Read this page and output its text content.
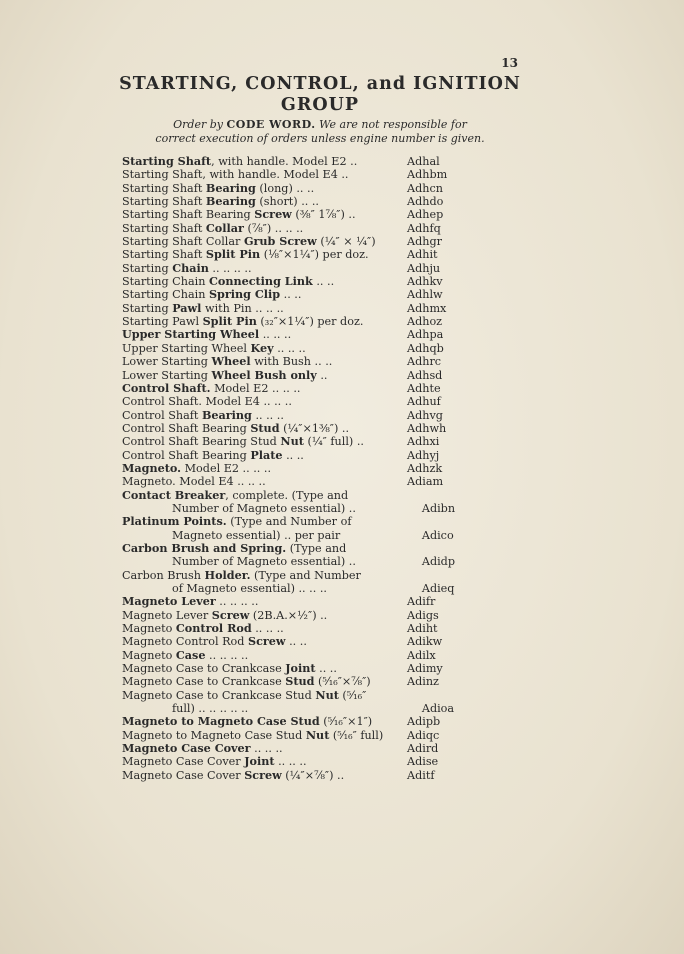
13
STARTING, CONTROL, and IGNITION
GROUP
Order by CODE WORD. We are not responsible for
correct execution of orders unless engine number is given.
Starting Shaft, with handle. Model E2 ..	Adhal
Starting Shaft, with handle. Model E4 ..	Adhbm
Starting Shaft Bearing (long) .. ..	Adhcn
Starting Shaft Bearing (short) .. ..	Adhdo
Starting Shaft Bearing Screw (⅜″ 1⅞″) ..	Adhep
Starting Shaft Collar (⅞″) .. .. ..	Adhfq
Starting Shaft Collar Grub Screw (¼″ × ¼″)	Adhgr
Starting Shaft Split Pin (⅛″×1¼″) per doz.	Adhit
Starting Chain .. .. .. ..	Adhju
Starting Chain Connecting Link .. ..	Adhkv
Starting Chain Spring Clip .. ..	Adhlw
Starting Pawl with Pin .. .. ..	Adhmx
Starting Pawl Split Pin (₃₂″×1¼″) per doz.	Adhoz
Upper Starting Wheel .. .. ..	Adhpa
Upper Starting Wheel Key .. .. ..	Adhqb
Lower Starting Wheel with Bush .. ..	Adhrc
Lower Starting Wheel Bush only ..	Adhsd
Control Shaft. Model E2 .. .. ..	Adhte
Control Shaft. Model E4 .. .. ..	Adhuf
Control Shaft Bearing .. .. ..	Adhvg
Control Shaft Bearing Stud (¼″×1⅜″) ..	Adhwh
Control Shaft Bearing Stud Nut (¼″ full) ..	Adhxi
Control Shaft Bearing Plate .. ..	Adhyj
Magneto. Model E2 .. .. ..	Adhzk
Magneto. Model E4 .. .. ..	Adiam
Contact Breaker, complete. (Type and
Number of Magneto essential) ..	Adibn
Platinum Points. (Type and Number of
Magneto essential) .. per pair	Adico
Carbon Brush and Spring. (Type and
Number of Magneto essential) ..	Adidp
Carbon Brush Holder. (Type and Number
of Magneto essential) .. .. ..	Adieq
Magneto Lever .. .. .. ..	Adifr
Magneto Lever Screw (2B.A.×½″) ..	Adigs
Magneto Control Rod .. .. ..	Adiht
Magneto Control Rod Screw .. ..	Adikw
Magneto Case .. .. .. ..	Adilx
Magneto Case to Crankcase Joint .. ..	Adimy
Magneto Case to Crankcase Stud (⁵⁄₁₆″×⅞″)	Adinz
Magneto Case to Crankcase Stud Nut (⁵⁄₁₆″
full) .. .. .. .. ..	Adioa
Magneto to Magneto Case Stud (⁵⁄₁₆″×1″)	Adipb
Magneto to Magneto Case Stud Nut (⁵⁄₁₆″ full)	Adiqc
Magneto Case Cover .. .. ..	Adird
Magneto Case Cover Joint .. .. ..	Adise
Magneto Case Cover Screw (¼″×⅞″) ..	Aditf
